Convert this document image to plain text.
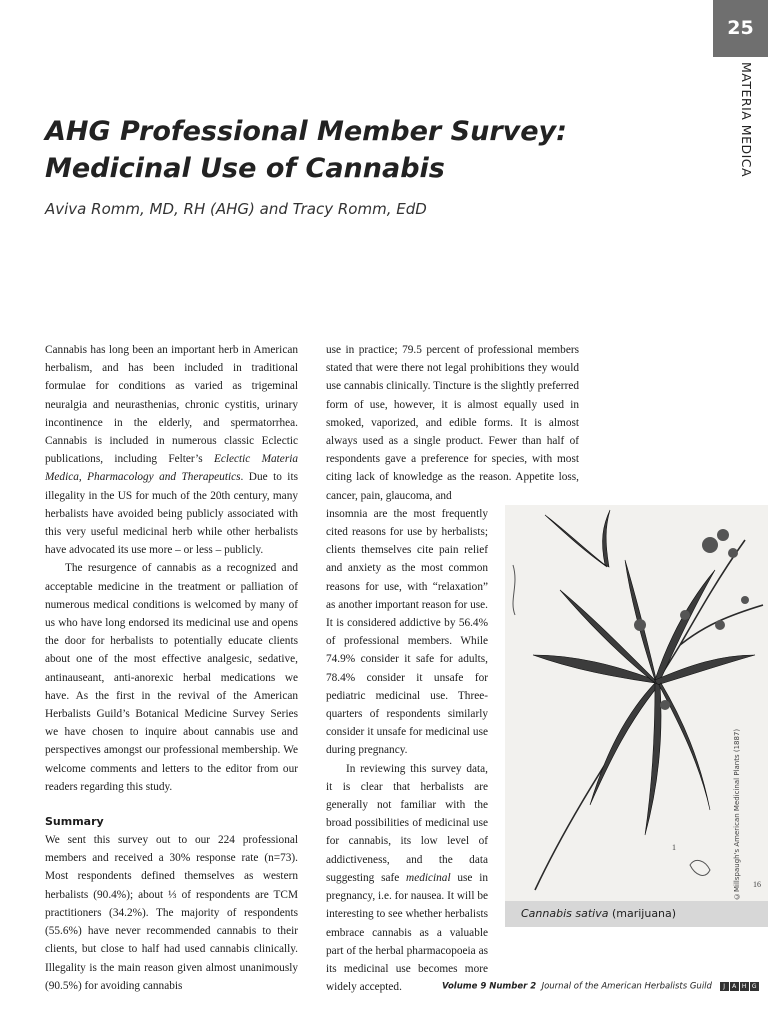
25
MATERIA MEDICA
AHG Professional Member Survey:
Medicinal Use of Cannabis
Aviva Romm, MD, RH (AHG) and Tracy Romm, EdD

Cannabis has long been an important herb in American herbalism, and has been included in traditional formulae for conditions as varied as trigeminal neuralgia and neurasthenias, chronic cystitis, urinary incontinence in the elderly, and spermatorrhea. Cannabis is included in numerous classic Eclectic publications, including Felter’s Eclectic Materia Medica, Pharmacology and Therapeutics. Due to its illegality in the US for much of the 20th century, many herbalists have avoided being publicly associated with this very useful medicinal herb while other herbalists have advocated its use more – or less – publicly.

The resurgence of cannabis as a recognized and acceptable medicine in the treatment or palliation of numerous medical conditions is welcomed by many of us who have long endorsed its medicinal use and opens the door for herbalists to potentially educate clients about one of the most effective analgesic, sedative, antinauseant, anti-anorexic herbal medications we have. As the first in the revival of the American Herbalists Guild’s Botanical Medicine Survey Series we have chosen to inquire about cannabis use and perspectives amongst our professional membership. We welcome comments and letters to the editor from our readers regarding this study.

Summary

We sent this survey out to our 224 professional members and received a 30% response rate (n=73). Most respondents defined themselves as western herbalists (90.4%); about ⅓ of respondents are TCM practitioners (34.2%). The majority of respondents (55.6%) have never recommended cannabis to their clients, but close to half had used cannabis clinically. Illegality is the main reason given almost unanimously (90.5%) for avoiding cannabis

use in practice; 79.5 percent of professional members stated that were there not legal prohibitions they would use cannabis clinically. Tincture is the slightly preferred form of use, however, it is almost equally used in smoked, vaporized, and edible forms. It is almost always used as a single product. Fewer than half of respondents gave a preference for species, with most citing lack of knowledge as the reason. Appetite loss, cancer, pain, glaucoma, and

insomnia are the most frequently cited reasons for use by herbalists; clients themselves cite pain relief and anxiety as the most common reasons for use, with “relaxation” as another important reason for use. It is considered addictive by 56.4% of professional members. While 74.9% consider it safe for adults, 78.4% consider it unsafe for pediatric medicinal use. Three-quarters of respondents similarly consider it unsafe for medicinal use during pregnancy.

In reviewing this survey data, it is clear that herbalists are generally not familiar with the broad possibilities of medicinal use for cannabis, its low level of addictiveness, and the data suggesting safe medicinal use in pregnancy, i.e. for nausea. It will be interesting to see whether herbalists embrace cannabis as a valuable part of the herbal pharmacopoeia as its medicinal use becomes more widely accepted.

1
16
©Millspaugh's American Medicinal Plants (1887)
Cannabis sativa (marijuana)
Volume 9 Number 2 Journal of the American Herbalists Guild J A H G
